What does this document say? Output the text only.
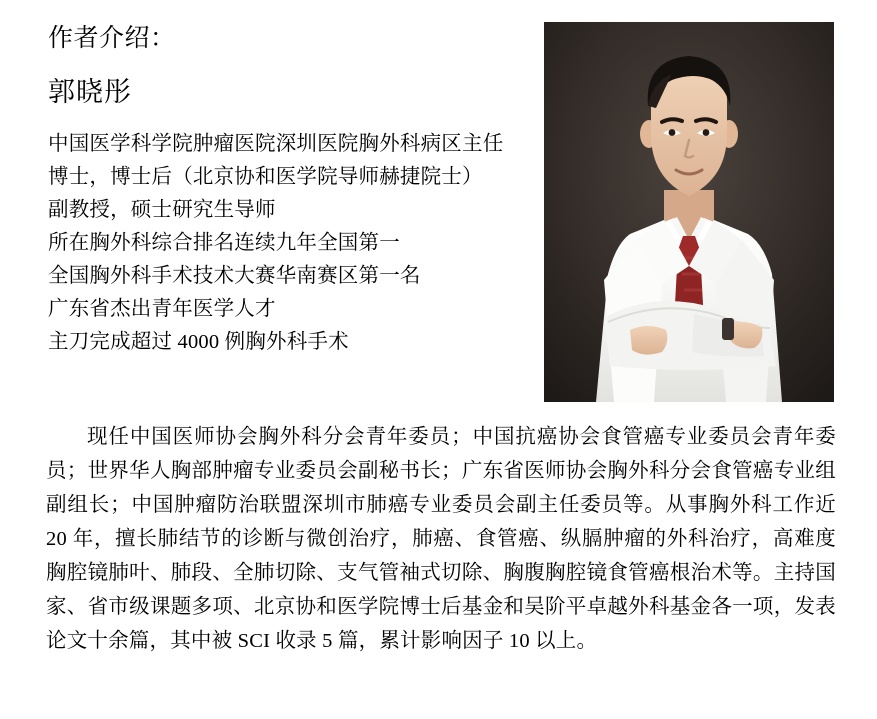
作者介绍：
郭晓彤
中国医学科学院肿瘤医院深圳医院胸外科病区主任
博士，博士后（北京协和医学院导师赫捷院士）
副教授，硕士研究生导师
所在胸外科综合排名连续九年全国第一
全国胸外科手术技术大赛华南赛区第一名
广东省杰出青年医学人才
主刀完成超过 4000 例胸外科手术
现任中国医师协会胸外科分会青年委员；中国抗癌协会食管癌专业委员会青年委员；世界华人胸部肿瘤专业委员会副秘书长；广东省医师协会胸外科分会食管癌专业组副组长；中国肿瘤防治联盟深圳市肺癌专业委员会副主任委员等。从事胸外科工作近 20 年，擅长肺结节的诊断与微创治疗，肺癌、食管癌、纵膈肿瘤的外科治疗，高难度胸腔镜肺叶、肺段、全肺切除、支气管袖式切除、胸腹胸腔镜食管癌根治术等。主持国家、省市级课题多项、北京协和医学院博士后基金和吴阶平卓越外科基金各一项，发表论文十余篇，其中被 SCI 收录 5 篇，累计影响因子 10 以上。
